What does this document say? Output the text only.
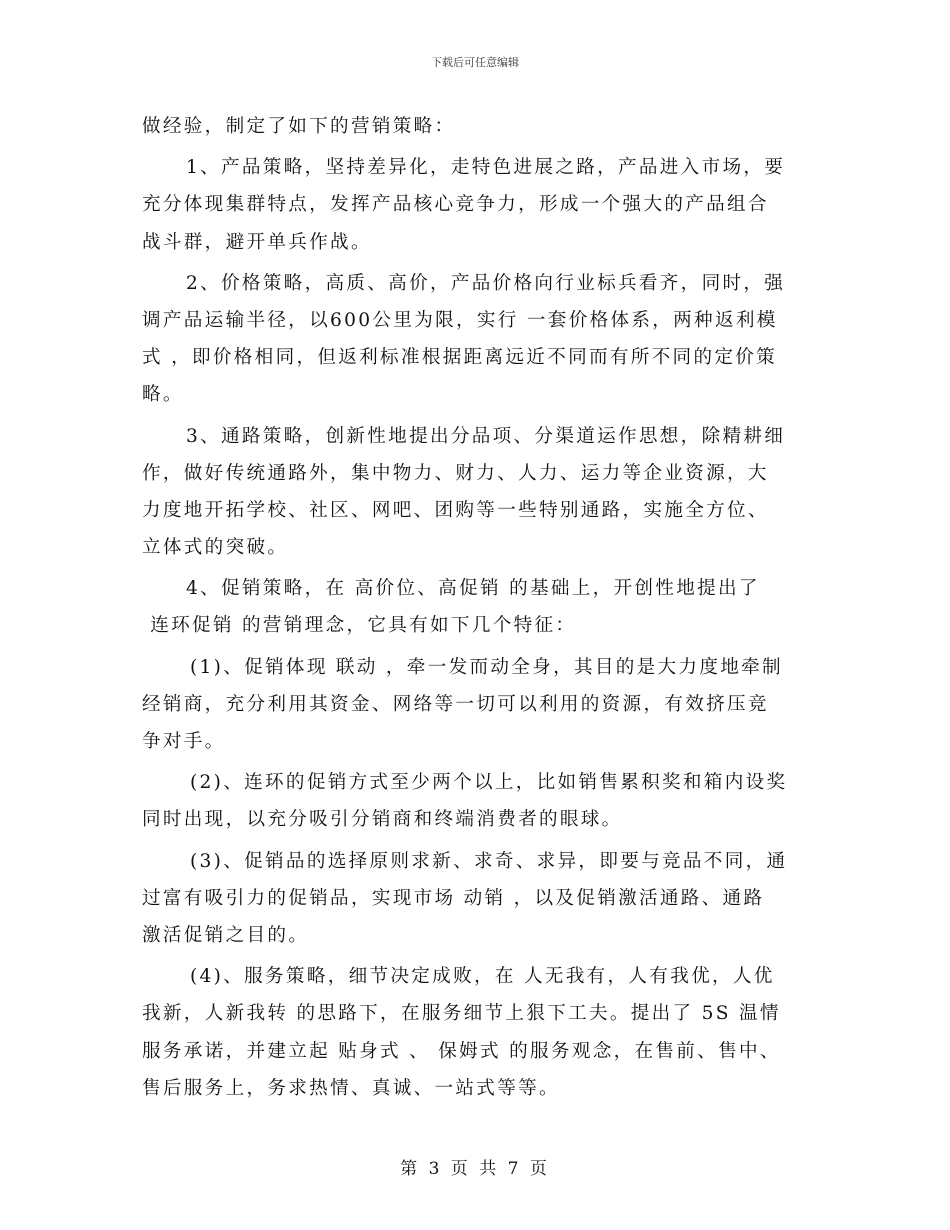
下载后可任意编辑
做经验，制定了如下的营销策略：
1、产品策略，坚持差异化，走特色进展之路，产品进入市场，要
充分体现集群特点，发挥产品核心竞争力，形成一个强大的产品组合
战斗群，避开单兵作战。
2、价格策略，高质、高价，产品价格向行业标兵看齐，同时，强
调产品运输半径，以600公里为限，实行 一套价格体系，两种返利模
式 ，即价格相同，但返利标准根据距离远近不同而有所不同的定价策
略。
3、通路策略，创新性地提出分品项、分渠道运作思想，除精耕细
作，做好传统通路外，集中物力、财力、人力、运力等企业资源，大
力度地开拓学校、社区、网吧、团购等一些特别通路，实施全方位、
立体式的突破。
4、促销策略，在 高价位、高促销 的基础上，开创性地提出了
连环促销 的营销理念，它具有如下几个特征：
(1)、促销体现 联动 ，牵一发而动全身，其目的是大力度地牵制
经销商，充分利用其资金、网络等一切可以利用的资源，有效挤压竞
争对手。
(2)、连环的促销方式至少两个以上，比如销售累积奖和箱内设奖
同时出现，以充分吸引分销商和终端消费者的眼球。
(3)、促销品的选择原则求新、求奇、求异，即要与竞品不同，通
过富有吸引力的促销品，实现市场 动销 ，以及促销激活通路、通路
激活促销之目的。
(4)、服务策略，细节决定成败，在 人无我有，人有我优，人优
我新，人新我转 的思路下，在服务细节上狠下工夫。提出了 5S 温情
服务承诺，并建立起 贴身式 、 保姆式 的服务观念，在售前、售中、
售后服务上，务求热情、真诚、一站式等等。
第 3 页 共 7 页
